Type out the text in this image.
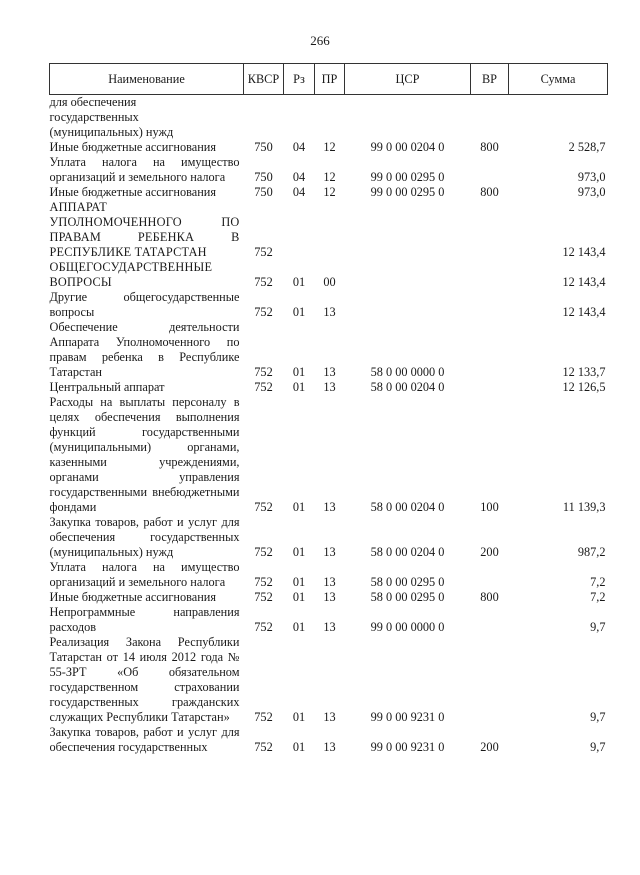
266
Наименование	КВСР	Рз	ПР	ЦСР	ВР	Сумма
для обеспечения
государственных
(муниципальных) нужд						
Иные бюджетные ассигнования	750	04	12	99 0 00 0204 0	800	2 528,7
Уплата налога на имущество организаций и земельного налога	750	04	12	99 0 00 0295 0		973,0
Иные бюджетные ассигнования	750	04	12	99 0 00 0295 0	800	973,0
АППАРАТ УПОЛНОМОЧЕННОГО ПО ПРАВАМ РЕБЕНКА В РЕСПУБЛИКЕ ТАТАРСТАН	752					12 143,4
ОБЩЕГОСУДАРСТВЕННЫЕ ВОПРОСЫ	752	01	00			12 143,4
Другие общегосударственные вопросы	752	01	13			12 143,4
Обеспечение деятельности Аппарата Уполномоченного по правам ребенка в Республике Татарстан	752	01	13	58 0 00 0000 0		12 133,7
Центральный аппарат	752	01	13	58 0 00 0204 0		12 126,5
Расходы на выплаты персоналу в целях обеспечения выполнения функций государственными (муниципальными) органами, казенными учреждениями, органами управления государственными внебюджетными фондами	752	01	13	58 0 00 0204 0	100	11 139,3
Закупка товаров, работ и услуг для обеспечения государственных (муниципальных) нужд	752	01	13	58 0 00 0204 0	200	987,2
Уплата налога на имущество организаций и земельного налога	752	01	13	58 0 00 0295 0		7,2
Иные бюджетные ассигнования	752	01	13	58 0 00 0295 0	800	7,2
Непрограммные направления расходов	752	01	13	99 0 00 0000 0		9,7
Реализация Закона Республики Татарстан от 14 июля 2012 года № 55-ЗРТ «Об обязательном государственном страховании государственных гражданских служащих Республики Татарстан»	752	01	13	99 0 00 9231 0		9,7
Закупка товаров, работ и услуг для обеспечения государственных	752	01	13	99 0 00 9231 0	200	9,7
